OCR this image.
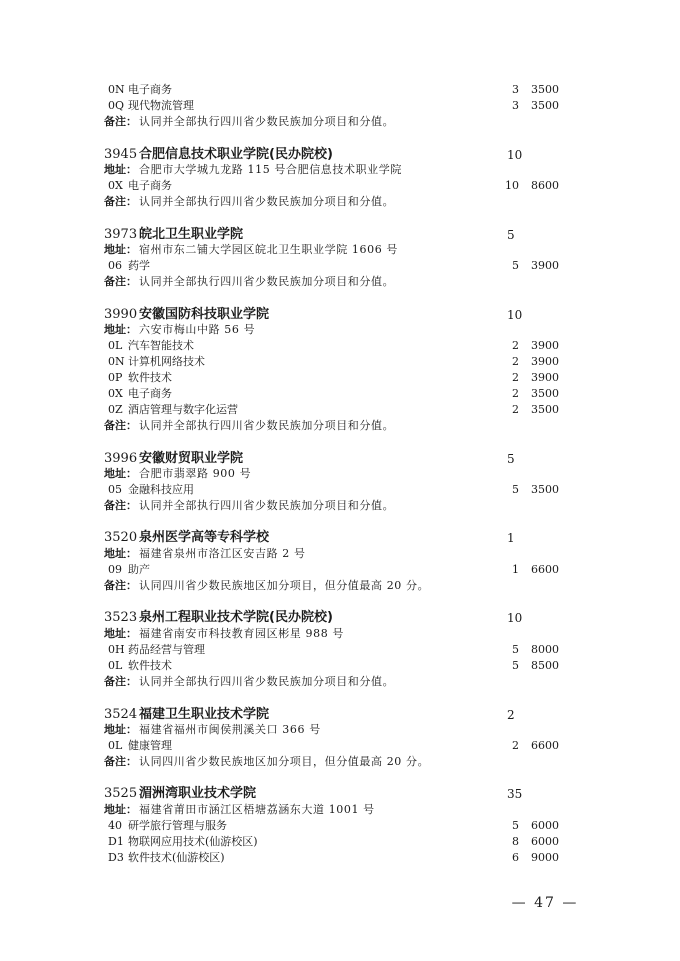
0N 电子商务	3	3500
0Q 现代物流管理	3	3500
备注： 认同并全部执行四川省少数民族加分项目和分值。
3945 合肥信息技术职业学院(民办院校)	10
地址： 合肥市大学城九龙路 115 号合肥信息技术职业学院
0X 电子商务	10	8600
备注： 认同并全部执行四川省少数民族加分项目和分值。
3973 皖北卫生职业学院	5
地址： 宿州市东二铺大学园区皖北卫生职业学院 1606 号
06 药学	5	3900
备注： 认同并全部执行四川省少数民族加分项目和分值。
3990 安徽国防科技职业学院	10
地址： 六安市梅山中路 56 号
0L 汽车智能技术	2	3900
0N 计算机网络技术	2	3900
0P 软件技术	2	3900
0X 电子商务	2	3500
0Z 酒店管理与数字化运营	2	3500
备注： 认同并全部执行四川省少数民族加分项目和分值。
3996 安徽财贸职业学院	5
地址： 合肥市翡翠路 900 号
05 金融科技应用	5	3500
备注： 认同并全部执行四川省少数民族加分项目和分值。
3520 泉州医学高等专科学校	1
地址： 福建省泉州市洛江区安吉路 2 号
09 助产	1	6600
备注： 认同四川省少数民族地区加分项目，但分值最高 20 分。
3523 泉州工程职业技术学院(民办院校)	10
地址： 福建省南安市科技教育园区彬星 988 号
0H 药品经营与管理	5	8000
0L 软件技术	5	8500
备注： 认同并全部执行四川省少数民族加分项目和分值。
3524 福建卫生职业技术学院	2
地址： 福建省福州市闽侯荆溪关口 366 号
0L 健康管理	2	6600
备注： 认同四川省少数民族地区加分项目，但分值最高 20 分。
3525 湄洲湾职业技术学院	35
地址： 福建省莆田市涵江区梧塘荔涵东大道 1001 号
40 研学旅行管理与服务	5	6000
D1 物联网应用技术(仙游校区)	8	6000
D3 软件技术(仙游校区)	6	9000
— 47 —
